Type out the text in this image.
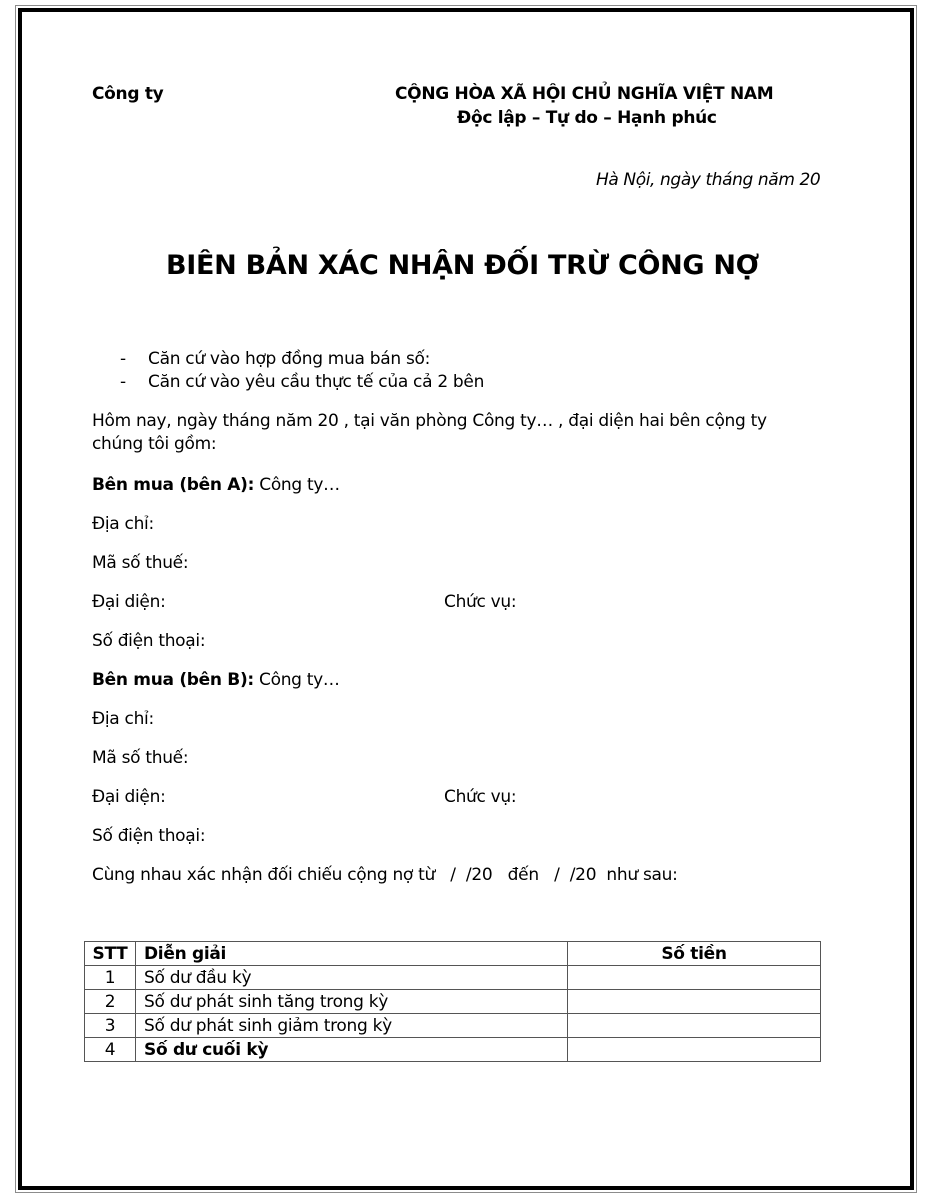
Công ty	CỘNG HÒA XÃ HỘI CHỦ NGHĨA VIỆT NAM
Độc lập – Tự do – Hạnh phúc
Hà Nội, ngày tháng năm 20
BIÊN BẢN XÁC NHẬN ĐỐI TRỪ CÔNG NỢ
- Căn cứ vào hợp đồng mua bán số:
- Căn cứ vào yêu cầu thực tế của cả 2 bên
Hôm nay, ngày tháng năm 20 , tại văn phòng Công ty… , đại diện hai bên cộng ty
chúng tôi gồm:
Bên mua (bên A): Công ty…
Địa chỉ:
Mã số thuế:
Đại diện:	Chức vụ:
Số điện thoại:
Bên mua (bên B): Công ty…
Địa chỉ:
Mã số thuế:
Đại diện:	Chức vụ:
Số điện thoại:
Cùng nhau xác nhận đối chiếu cộng nợ từ   /  /20   đến   /  /20  như sau:
STT	Diễn giải	Số tiền
1	Số dư đầu kỳ	
2	Số dư phát sinh tăng trong kỳ	
3	Số dư phát sinh giảm trong kỳ	
4	Số dư cuối kỳ	
